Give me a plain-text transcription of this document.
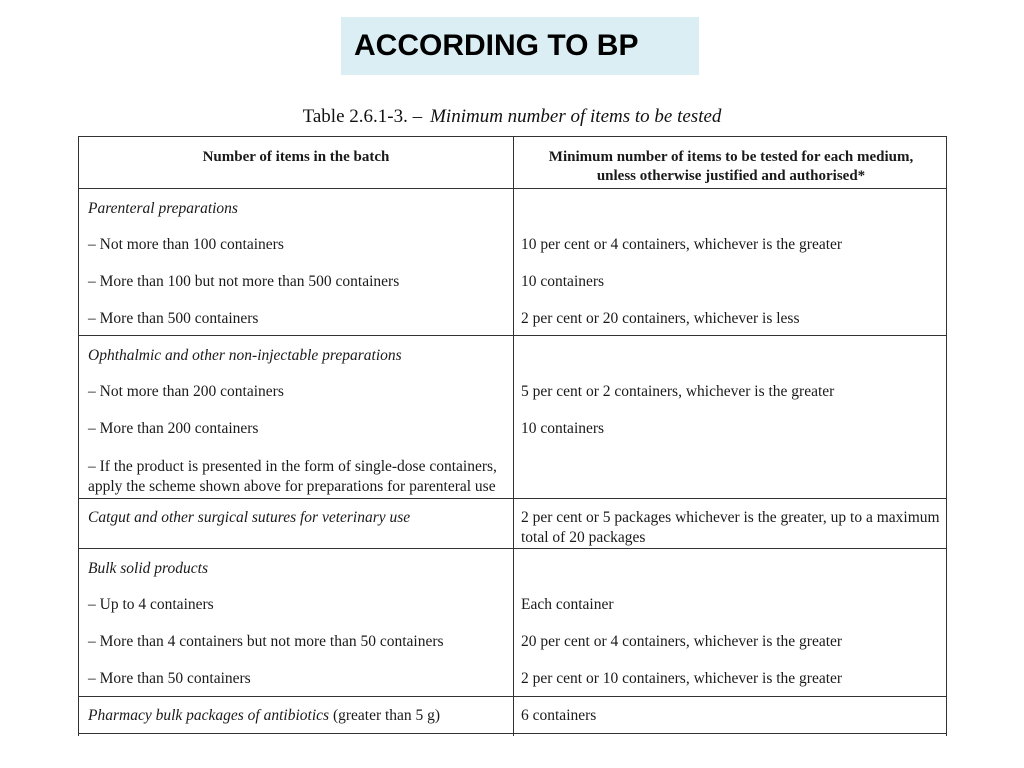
ACCORDING TO BP
Table 2.6.1-3. – Minimum number of items to be tested
Number of items in the batch	Minimum number of items to be tested for each medium, unless otherwise justified and authorised*
Parenteral preparations
– Not more than 100 containers	10 per cent or 4 containers, whichever is the greater
– More than 100 but not more than 500 containers	10 containers
– More than 500 containers	2 per cent or 20 containers, whichever is less
Ophthalmic and other non-injectable preparations
– Not more than 200 containers	5 per cent or 2 containers, whichever is the greater
– More than 200 containers	10 containers
– If the product is presented in the form of single-dose containers, apply the scheme shown above for preparations for parenteral use
Catgut and other surgical sutures for veterinary use	2 per cent or 5 packages whichever is the greater, up to a maximum total of 20 packages
Bulk solid products
– Up to 4 containers	Each container
– More than 4 containers but not more than 50 containers	20 per cent or 4 containers, whichever is the greater
– More than 50 containers	2 per cent or 10 containers, whichever is the greater
Pharmacy bulk packages of antibiotics (greater than 5 g)	6 containers
